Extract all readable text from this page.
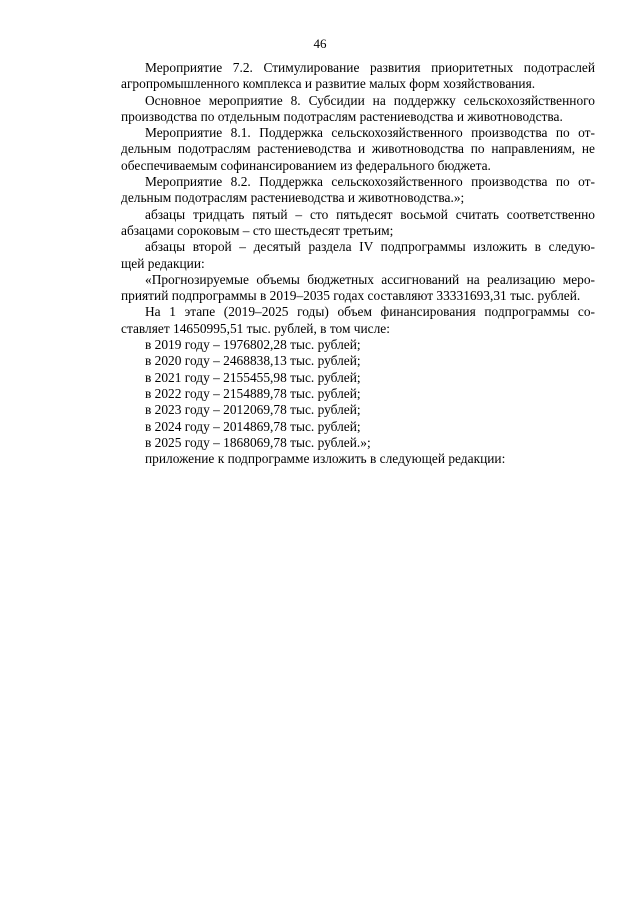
46

Мероприятие 7.2. Стимулирование развития приоритетных подотраслей
агропромышленного комплекса и развитие малых форм хозяйствования.

Основное мероприятие 8. Субсидии на поддержку сельскохозяйственного
производства по отдельным подотраслям растениеводства и животноводства.

Мероприятие 8.1. Поддержка сельскохозяйственного производства по от-
дельным подотраслям растениеводства и животноводства по направлениям, не
обеспечиваемым софинансированием из федерального бюджета.

Мероприятие 8.2. Поддержка сельскохозяйственного производства по от-
дельным подотраслям растениеводства и животноводства.»;

абзацы тридцать пятый – сто пятьдесят восьмой считать соответственно
абзацами сороковым – сто шестьдесят третьим;

абзацы второй – десятый раздела IV подпрограммы изложить в следую-
щей редакции:

«Прогнозируемые объемы бюджетных ассигнований на реализацию меро-
приятий подпрограммы в 2019–2035 годах составляют 33331693,31 тыс. рублей.

На 1 этапе (2019–2025 годы) объем финансирования подпрограммы со-
ставляет 14650995,51 тыс. рублей, в том числе:

в 2019 году – 1976802,28 тыс. рублей;

в 2020 году – 2468838,13 тыс. рублей;

в 2021 году – 2155455,98 тыс. рублей;

в 2022 году – 2154889,78 тыс. рублей;

в 2023 году – 2012069,78 тыс. рублей;

в 2024 году – 2014869,78 тыс. рублей;

в 2025 году – 1868069,78 тыс. рублей.»;

приложение к подпрограмме изложить в следующей редакции:
